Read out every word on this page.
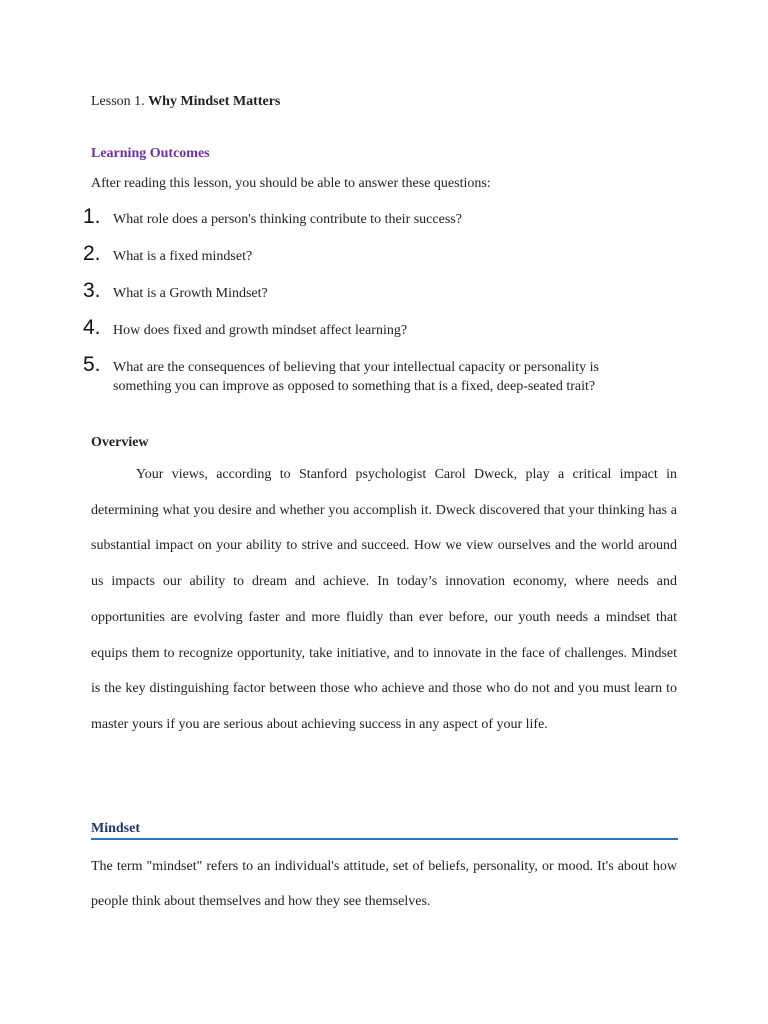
Lesson 1. Why Mindset Matters
Learning Outcomes
After reading this lesson, you should be able to answer these questions:
1. What role does a person's thinking contribute to their success?
2. What is a fixed mindset?
3. What is a Growth Mindset?
4. How does fixed and growth mindset affect learning?
5. What are the consequences of believing that your intellectual capacity or personality is something you can improve as opposed to something that is a fixed, deep-seated trait?
Overview
Your views, according to Stanford psychologist Carol Dweck, play a critical impact in determining what you desire and whether you accomplish it. Dweck discovered that your thinking has a substantial impact on your ability to strive and succeed. How we view ourselves and the world around us impacts our ability to dream and achieve. In today’s innovation economy, where needs and opportunities are evolving faster and more fluidly than ever before, our youth needs a mindset that equips them to recognize opportunity, take initiative, and to innovate in the face of challenges. Mindset is the key distinguishing factor between those who achieve and those who do not and you must learn to master yours if you are serious about achieving success in any aspect of your life.
Mindset
The term "mindset" refers to an individual's attitude, set of beliefs, personality, or mood. It's about how people think about themselves and how they see themselves.
